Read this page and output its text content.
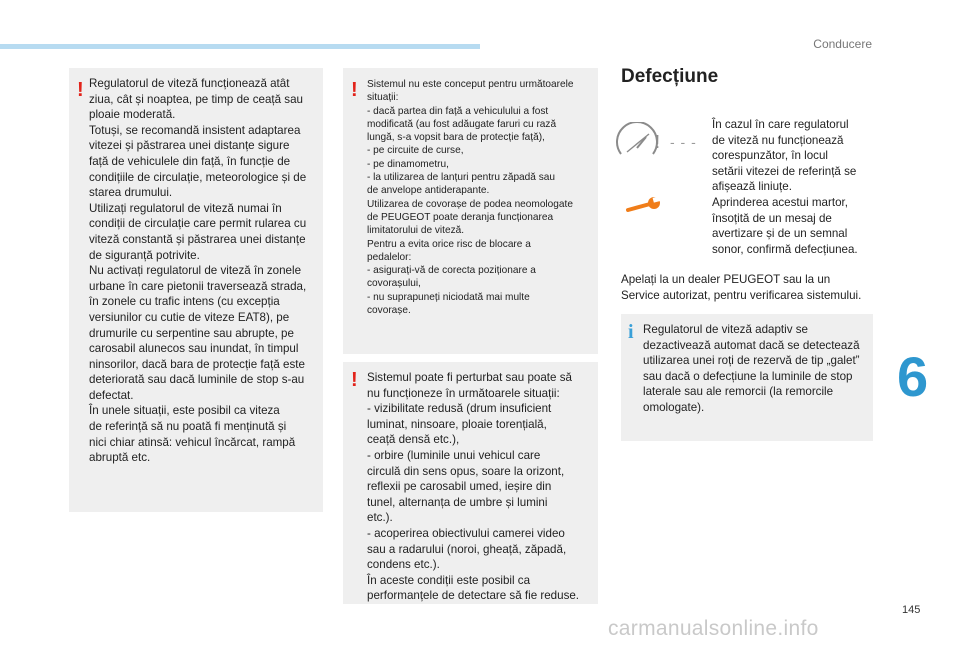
Conducere
! Regulatorul de viteză funcționează atât
ziua, cât și noaptea, pe timp de ceață sau
ploaie moderată.
Totuși, se recomandă insistent adaptarea
vitezei și păstrarea unei distanțe sigure
față de vehiculele din față, în funcție de
condițiile de circulație, meteorologice și de
starea drumului.
Utilizați regulatorul de viteză numai în
condiții de circulație care permit rularea cu
viteză constantă și păstrarea unei distanțe
de siguranță potrivite.
Nu activați regulatorul de viteză în zonele
urbane în care pietonii traversează strada,
în zonele cu trafic intens (cu excepția
versiunilor cu cutie de viteze EAT8), pe
drumurile cu serpentine sau abrupte, pe
carosabil alunecos sau inundat, în timpul
ninsorilor, dacă bara de protecție față este
deteriorată sau dacă luminile de stop s-au
defectat.
În unele situații, este posibil ca viteza
de referință să nu poată fi menținută și
nici chiar atinsă: vehicul încărcat, rampă
abruptă etc.
! Sistemul nu este conceput pentru următoarele
situații:
- dacă partea din față a vehiculului a fost
modificată (au fost adăugate faruri cu rază
lungă, s-a vopsit bara de protecție față),
- pe circuite de curse,
- pe dinamometru,
- la utilizarea de lanțuri pentru zăpadă sau
de anvelope antiderapante.
Utilizarea de covorașe de podea neomologate
de PEUGEOT poate deranja funcționarea
limitatorului de viteză.
Pentru a evita orice risc de blocare a
pedalelor:
- asigurați-vă de corecta poziționare a
covorașului,
- nu suprapuneți niciodată mai multe
covorașe.
! Sistemul poate fi perturbat sau poate să
nu funcționeze în următoarele situații:
- vizibilitate redusă (drum insuficient
luminat, ninsoare, ploaie torențială,
ceață densă etc.),
- orbire (luminile unui vehicul care
circulă din sens opus, soare la orizont,
reflexii pe carosabil umed, ieșire din
tunel, alternanța de umbre și lumini
etc.).
- acoperirea obiectivului camerei video
sau a radarului (noroi, gheață, zăpadă,
condens etc.).
În aceste condiții este posibil ca
performanțele de detectare să fie reduse.
Defecțiune
! - - -
În cazul în care regulatorul
de viteză nu funcționează
corespunzător, în locul
setării vitezei de referință se
afișează liniuțe.
Aprinderea acestui martor,
însoțită de un mesaj de
avertizare și de un semnal
sonor, confirmă defecțiunea.
Apelați la un dealer PEUGEOT sau la un
Service autorizat, pentru verificarea sistemului.
i Regulatorul de viteză adaptiv se
dezactivează automat dacă se detectează
utilizarea unei roți de rezervă de tip „galet”
sau dacă o defecțiune la luminile de stop
laterale sau ale remorcii (la remorcile
omologate).	6
145
carmanualsonline.info
